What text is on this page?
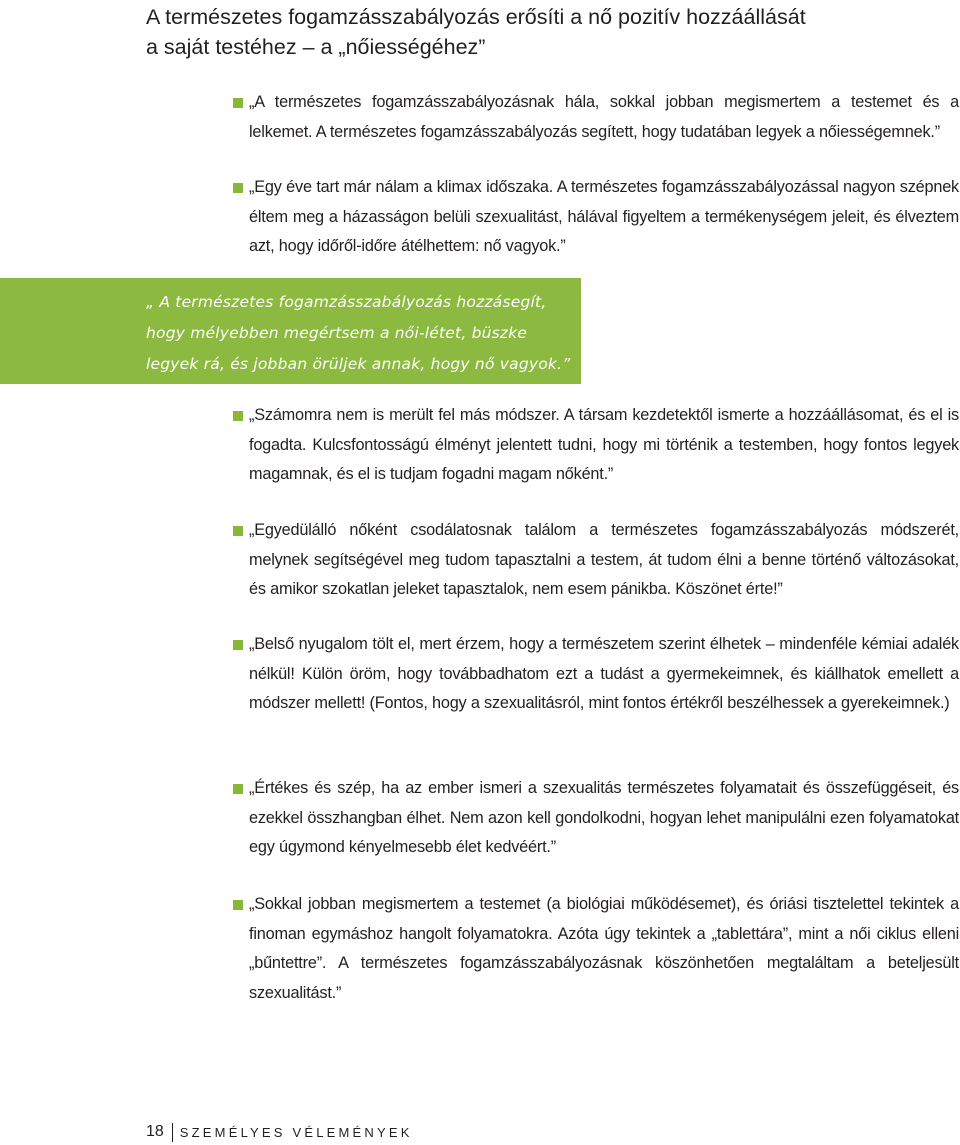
A természetes fogamzásszabályozás erősíti a nő pozitív hozzáállását
a saját testéhez – a „nőiességéhez”
„A természetes fogamzásszabályozásnak hála, sokkal jobban megismertem a testemet és a lelkemet. A természetes fogamzásszabályozás segített, hogy tudatában legyek a nőiességemnek.”
„Egy éve tart már nálam a klimax időszaka. A természetes fogamzásszabályozással nagyon szépnek éltem meg a házasságon belüli szexualitást, hálával figyeltem a termékenységem jeleit, és élveztem azt, hogy időről-időre átélhettem: nő vagyok.”

„ A természetes fogamzásszabályozás hozzásegít, hogy mélyebben megértsem a női-létet, büszke legyek rá, és jobban örüljek annak, hogy nő vagyok.”

„Számomra nem is merült fel más módszer. A társam kezdetektől ismerte a hozzáállásomat, és el is fogadta. Kulcsfontosságú élményt jelentett tudni, hogy mi történik a testemben, hogy fontos legyek magamnak, és el is tudjam fogadni magam nőként.”
„Egyedülálló nőként csodálatosnak találom a természetes fogamzásszabályozás módszerét, melynek segítségével meg tudom tapasztalni a testem, át tudom élni a benne történő változásokat, és amikor szokatlan jeleket tapasztalok, nem esem pánikba. Köszönet érte!”
„Belső nyugalom tölt el, mert érzem, hogy a természetem szerint élhetek – mindenféle kémiai adalék nélkül! Külön öröm, hogy továbbadhatom ezt a tudást a gyermekeimnek, és kiállhatok emellett a módszer mellett! (Fontos, hogy a szexualitásról, mint fontos értékről beszélhessek a gyerekeimnek.)
„Értékes és szép, ha az ember ismeri a szexualitás természetes folyamatait és összefüggéseit, és ezekkel összhangban élhet. Nem azon kell gondolkodni, hogyan lehet manipulálni ezen folyamatokat egy úgymond kényelmesebb élet kedvéért.”
„Sokkal jobban megismertem a testemet (a biológiai működésemet), és óriási tisztelettel tekintek a finoman egymáshoz hangolt folyamatokra. Azóta úgy tekintek a „tablettára”, mint a női ciklus elleni „bűntettre”. A természetes fogamzásszabályozásnak köszönhetően megtaláltam a beteljesült szexualitást.”
18 SZEMÉLYES VÉLEMÉNYEK
